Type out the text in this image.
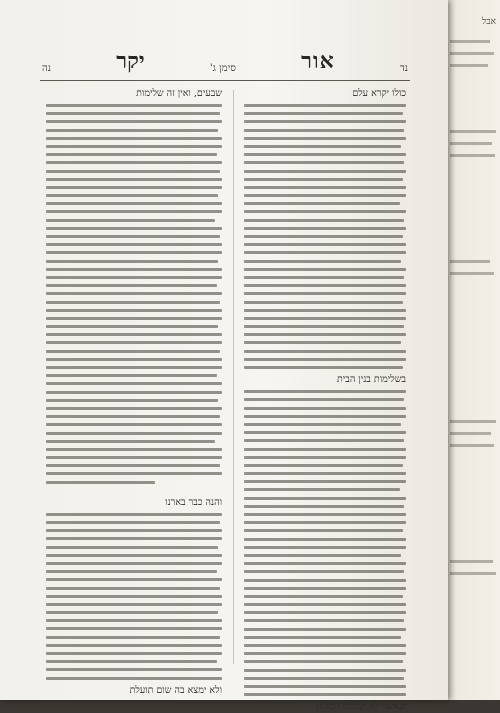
אבל
נד
אור
סימן ג'
יקר
נה
כולו יקרא עלם
בשלימות בנין הבית
וכאשר לא יכלכלו המלות
שבעים, ואין זה שלימות
והנה כבר בארנו
ולא ימצא בה שום תועלת
